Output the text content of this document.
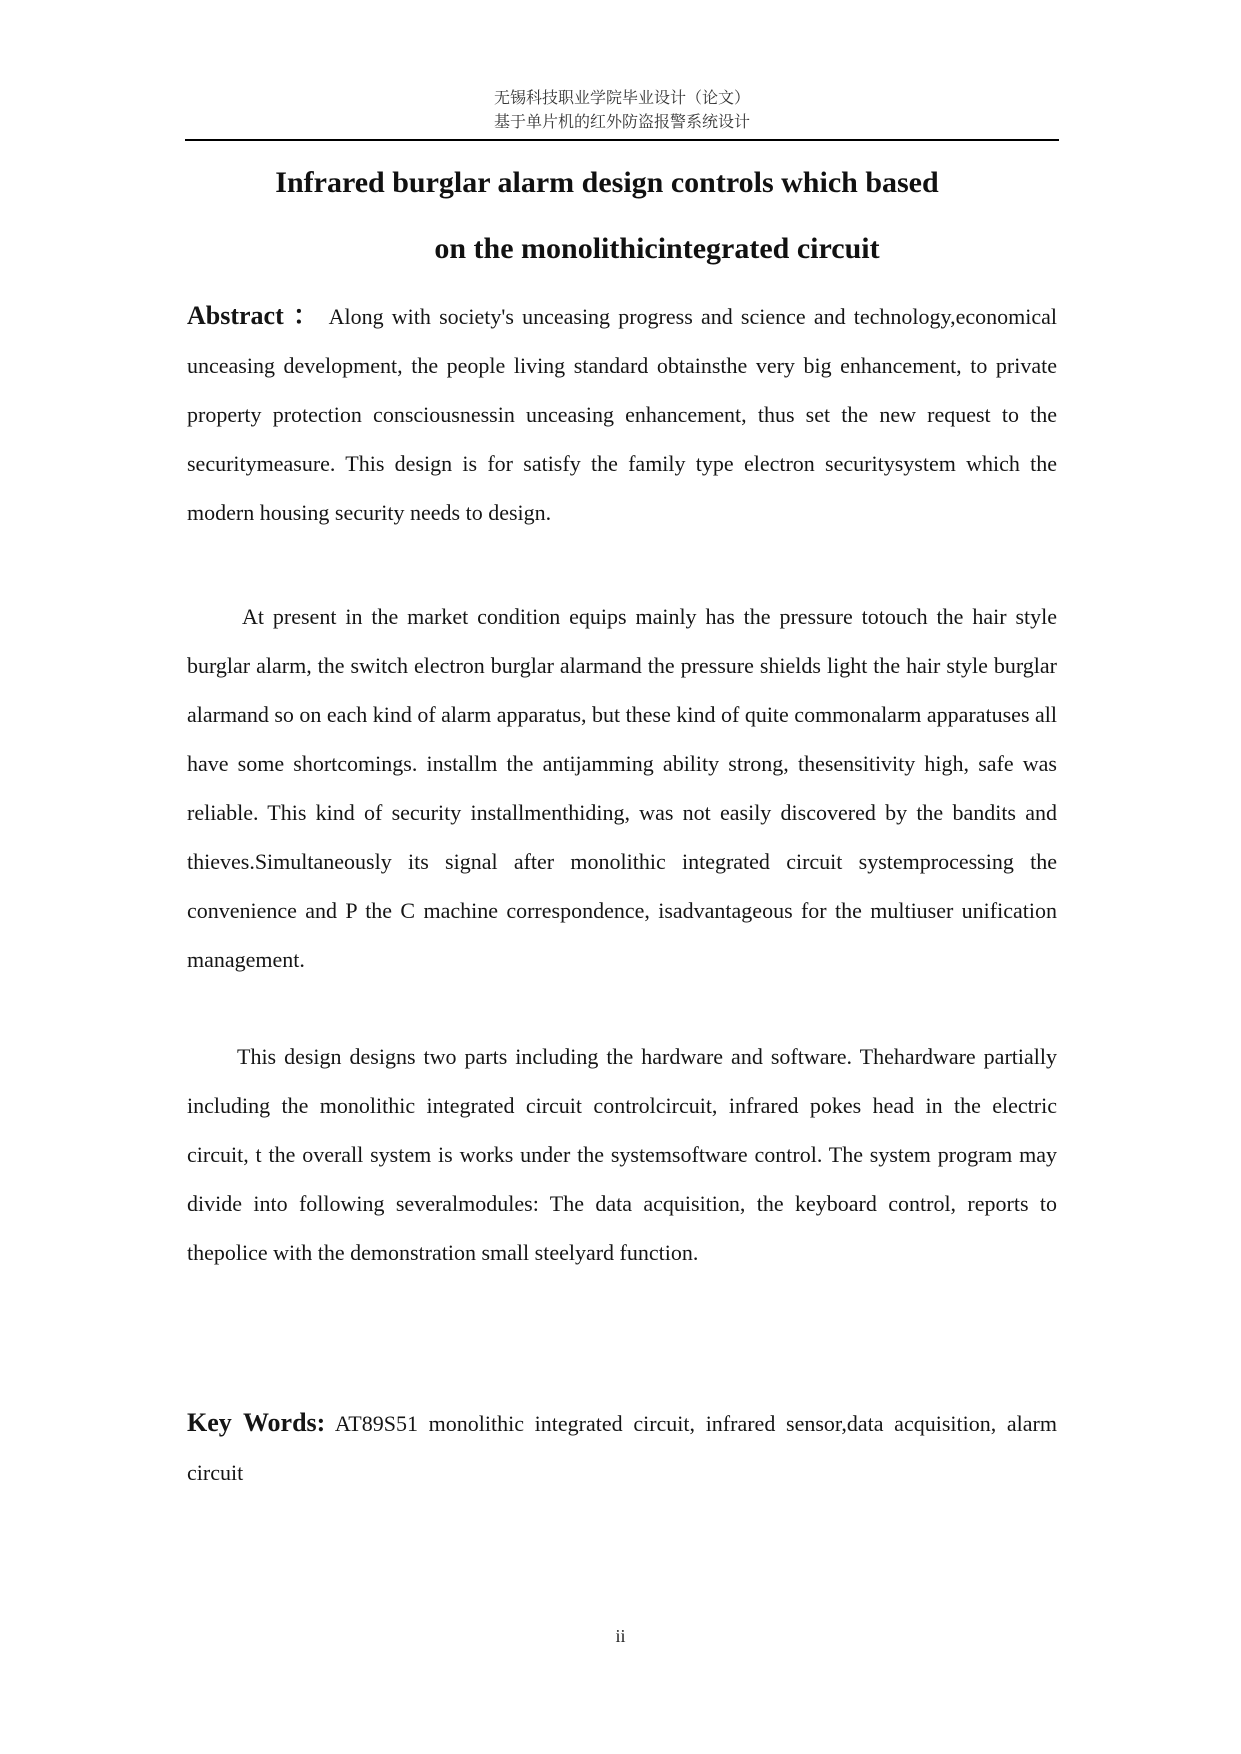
无锡科技职业学院毕业设计（论文）
基于单片机的红外防盗报警系统设计
Infrared burglar alarm design controls which based
on the monolithicintegrated circuit
Abstract ： Along with society's unceasing progress and science and technology,economical unceasing development, the people living standard obtainsthe very big enhancement, to private property protection consciousnessin unceasing enhancement, thus set the new request to the securitymeasure. This design is for satisfy the family type electron securitysystem which the modern housing security needs to design.
At present in the market condition equips mainly has the pressure totouch the hair style burglar alarm, the switch electron burglar alarmand the pressure shields light the hair style burglar alarmand so on each kind of alarm apparatus, but these kind of quite commonalarm apparatuses all have some shortcomings. installm the antijamming ability strong, thesensitivity high, safe was reliable. This kind of security installmenthiding, was not easily discovered by the bandits and thieves.Simultaneously its signal after monolithic integrated circuit systemprocessing the convenience and P the C machine correspondence, isadvantageous for the multiuser unification management.
This design designs two parts including the hardware and software. Thehardware partially including the monolithic integrated circuit controlcircuit, infrared pokes head in the electric circuit, t the overall system is works under the systemsoftware control. The system program may divide into following severalmodules: The data acquisition, the keyboard control, reports to thepolice with the demonstration small steelyard function.
Key Words: AT89S51 monolithic integrated circuit, infrared sensor,data acquisition, alarm circuit
ii
